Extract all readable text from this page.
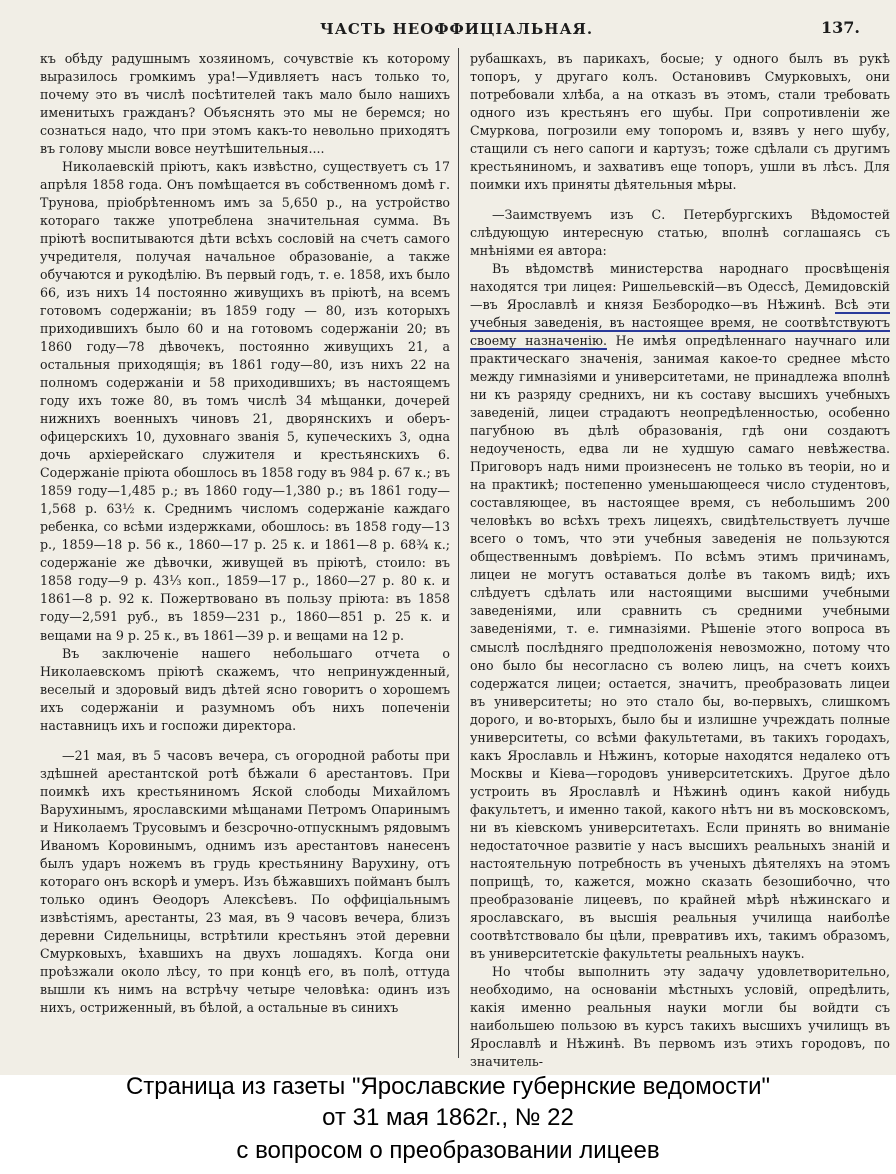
ЧАСТЬ НЕОФФИЦІАЛЬНАЯ.	137.

къ обѣду радушнымъ хозяиномъ, сочувствіе къ которому выразилось громкимъ ура!—Удивляетъ насъ только то, почему это въ числѣ посѣтителей такъ мало было нашихъ именитыхъ гражданъ? Объяснять это мы не беремся; но сознаться надо, что при этомъ какъ-то невольно приходятъ въ голову мысли вовсе неутѣшительныя....

Николаевскій пріютъ, какъ извѣстно, существуетъ съ 17 апрѣля 1858 года. Онъ помѣщается въ собственномъ домѣ г. Трунова, пріобрѣтенномъ имъ за 5,650 р., на устройство котораго также употреблена значительная сумма. Въ пріютѣ воспитываются дѣти всѣхъ сословій на счетъ самого учредителя, получая начальное образованіе, а также обучаются и рукодѣлію. Въ первый годъ, т. е. 1858, ихъ было 66, изъ нихъ 14 постоянно живущихъ въ пріютѣ, на всемъ готовомъ содержаніи; въ 1859 году — 80, изъ которыхъ приходившихъ было 60 и на готовомъ содержаніи 20; въ 1860 году—78 дѣвочекъ, постоянно живущихъ 21, а остальныя приходящія; въ 1861 году—80, изъ нихъ 22 на полномъ содержаніи и 58 приходившихъ; въ настоящемъ году ихъ тоже 80, въ томъ числѣ 34 мѣщанки, дочерей нижнихъ военныхъ чиновъ 21, дворянскихъ и оберъ-офицерскихъ 10, духовнаго званія 5, купеческихъ 3, одна дочь архіерейскаго служителя и крестьянскихъ 6. Содержаніе пріюта обошлось въ 1858 году въ 984 р. 67 к.; въ 1859 году—1,485 р.; въ 1860 году—1,380 р.; въ 1861 году—1,568 р. 63½ к. Среднимъ числомъ содержаніе каждаго ребенка, со всѣми издержками, обошлось: въ 1858 году—13 р., 1859—18 р. 56 к., 1860—17 р. 25 к. и 1861—8 р. 68¾ к.; содержаніе же дѣвочки, живущей въ пріютѣ, стоило: въ 1858 году—9 р. 43⅓ коп., 1859—17 р., 1860—27 р. 80 к. и 1861—8 р. 92 к. Пожертвовано въ пользу пріюта: въ 1858 году—2,591 руб., въ 1859—231 р., 1860—851 р. 25 к. и вещами на 9 р. 25 к., въ 1861—39 р. и вещами на 12 р.

Въ заключеніе нашего небольшаго отчета о Николаевскомъ пріютѣ скажемъ, что непринужденный, веселый и здоровый видъ дѣтей ясно говоритъ о хорошемъ ихъ содержаніи и разумномъ объ нихъ попеченіи наставницъ ихъ и госпожи директора.

—21 мая, въ 5 часовъ вечера, съ огородной работы при здѣшней арестантской ротѣ бѣжали 6 арестантовъ. При поимкѣ ихъ крестьяниномъ Яской слободы Михайломъ Варухинымъ, ярославскими мѣщанами Петромъ Опаринымъ и Николаемъ Трусовымъ и безсрочно-отпускнымъ рядовымъ Иваномъ Коровинымъ, однимъ изъ арестантовъ нанесенъ былъ ударъ ножемъ въ грудь крестьянину Варухину, отъ котораго онъ вскорѣ и умеръ. Изъ бѣжавшихъ пойманъ былъ только одинъ Ѳеодоръ Алексѣевъ. По оффиціальнымъ извѣстіямъ, арестанты, 23 мая, въ 9 часовъ вечера, близъ деревни Сидельницы, встрѣтили крестьянъ этой деревни Смурковыхъ, ѣхавшихъ на двухъ лошадяхъ. Когда они проѣзжали около лѣсу, то при концѣ его, въ полѣ, оттуда вышли къ нимъ на встрѣчу четыре человѣка: одинъ изъ нихъ, остриженный, въ бѣлой, а остальные въ синихъ

рубашкахъ, въ парикахъ, босые; у одного былъ въ рукѣ топоръ, у другаго колъ. Остановивъ Смурковыхъ, они потребовали хлѣба, а на отказъ въ этомъ, стали требовать одного изъ крестьянъ его шубы. При сопротивленіи же Смуркова, погрозили ему топоромъ и, взявъ у него шубу, стащили съ него сапоги и картузъ; тоже сдѣлали съ другимъ крестьяниномъ, и захвативъ еще топоръ, ушли въ лѣсъ. Для поимки ихъ приняты дѣятельныя мѣры.

—Заимствуемъ изъ С. Петербургскихъ Вѣдомостей слѣдующую интересную статью, вполнѣ соглашаясь съ мнѣніями ея автора:

Въ вѣдомствѣ министерства народнаго просвѣщенія находятся три лицея: Ришельевскій—въ Одессѣ, Демидовскій—въ Ярославлѣ и князя Безбородко—въ Нѣжинѣ. Всѣ эти учебныя заведенія, въ настоящее время, не соотвѣтствуютъ своему назначенію. Не имѣя опредѣленнаго научнаго или практическаго значенія, занимая какое-то среднее мѣсто между гимназіями и университетами, не принадлежа вполнѣ ни къ разряду среднихъ, ни къ составу высшихъ учебныхъ заведеній, лицеи страдаютъ неопредѣленностью, особенно пагубною въ дѣлѣ образованія, гдѣ они создаютъ недоученость, едва ли не худшую самаго невѣжества. Приговоръ надъ ними произнесенъ не только въ теоріи, но и на практикѣ; постепенно уменьшающееся число студентовъ, составляющее, въ настоящее время, съ небольшимъ 200 человѣкъ во всѣхъ трехъ лицеяхъ, свидѣтельствуетъ лучше всего о томъ, что эти учебныя заведенія не пользуются общественнымъ довѣріемъ. По всѣмъ этимъ причинамъ, лицеи не могутъ оставаться долѣе въ такомъ видѣ; ихъ слѣдуетъ сдѣлать или настоящими высшими учебными заведеніями, или сравнить съ средними учебными заведеніями, т. е. гимназіями. Рѣшеніе этого вопроса въ смыслѣ послѣдняго предположенія невозможно, потому что оно было бы несогласно съ волею лицъ, на счетъ коихъ содержатся лицеи; остается, значитъ, преобразовать лицеи въ университеты; но это стало бы, во-первыхъ, слишкомъ дорого, и во-вторыхъ, было бы и излишне учреждать полные университеты, со всѣми факультетами, въ такихъ городахъ, какъ Ярославль и Нѣжинъ, которые находятся недалеко отъ Москвы и Кіева—городовъ университетскихъ. Другое дѣло устроить въ Ярославлѣ и Нѣжинѣ одинъ какой нибудь факультетъ, и именно такой, какого нѣтъ ни въ московскомъ, ни въ кіевскомъ университетахъ. Если принять во вниманіе недостаточное развитіе у насъ высшихъ реальныхъ знаній и настоятельную потребность въ ученыхъ дѣятеляхъ на этомъ поприщѣ, то, кажется, можно сказать безошибочно, что преобразованіе лицеевъ, по крайней мѣрѣ нѣжинскаго и ярославскаго, въ высшія реальныя училища наиболѣе соотвѣтствовало бы цѣли, превративъ ихъ, такимъ образомъ, въ университетскіе факультеты реальныхъ наукъ.

Но чтобы выполнить эту задачу удовлетворительно, необходимо, на основаніи мѣстныхъ условій, опредѣлить, какія именно реальныя науки могли бы войдти съ наибольшею пользою въ курсъ такихъ высшихъ училищъ въ Ярославлѣ и Нѣжинѣ. Въ первомъ изъ этихъ городовъ, по значитель-

Страница из газеты "Ярославские губернские ведомости"
от 31 мая 1862г., № 22
с вопросом о преобразовании лицеев
